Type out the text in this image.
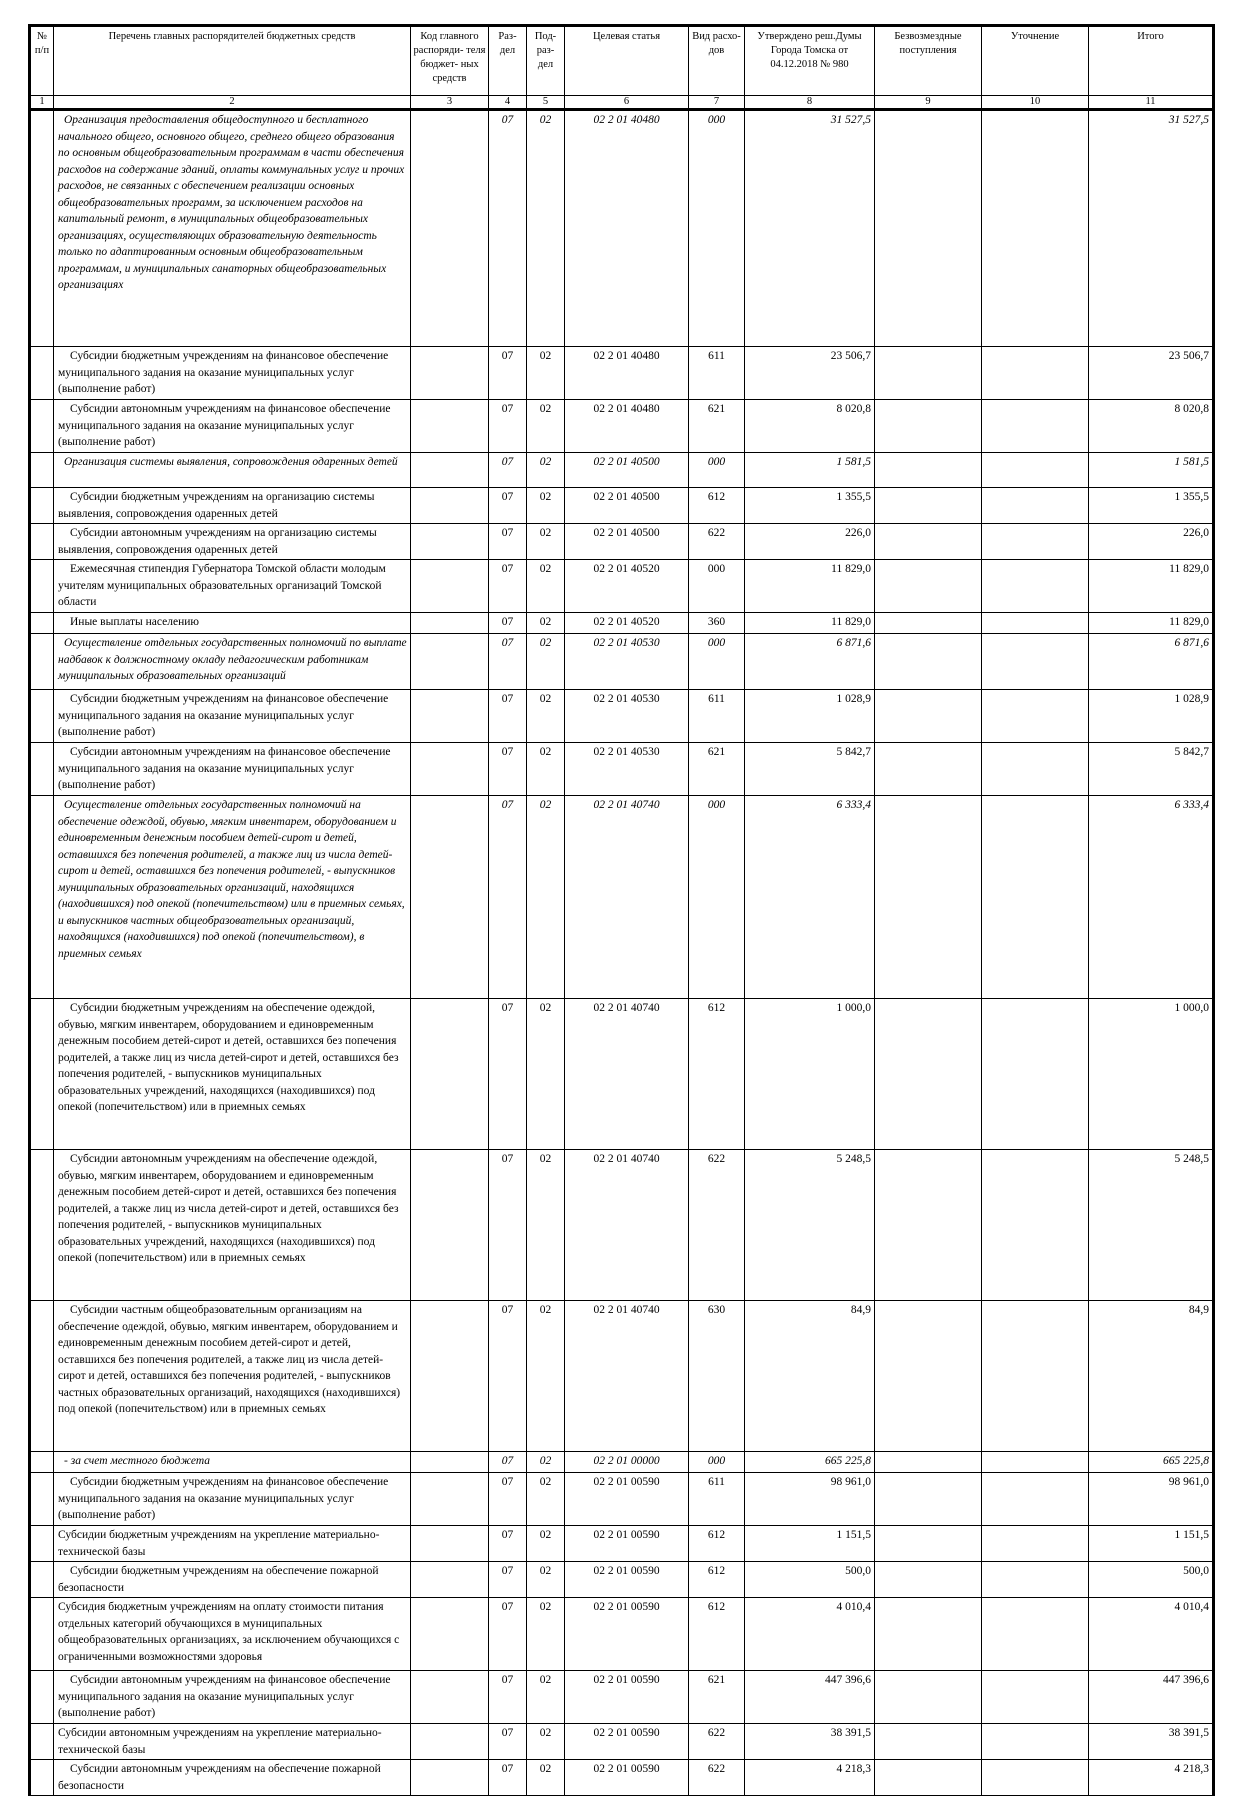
№ п/п	Перечень главных распорядителей бюджетных средств	Код главного распоряди- теля бюджет- ных средств	Раз- дел	Под- раз- дел	Целевая статья	Вид расхо- дов	Утверждено реш.Думы Города Томска от 04.12.2018 № 980	Безвозмездные поступления	Уточнение	Итого
1	2	3	4	5	6	7	8	9	10	11
	Организация предоставления общедоступного и бесплатного начального общего, основного общего, среднего общего образования по основным общеобразовательным программам в части обеспечения расходов на содержание зданий, оплаты коммунальных услуг и прочих расходов, не связанных с обеспечением реализации основных общеобразовательных программ, за исключением расходов на капитальный ремонт, в муниципальных общеобразовательных организациях, осуществляющих образовательную деятельность только по адаптированным основным общеобразовательным программам, и муниципальных санаторных общеобразовательных организациях		07	02	02 2 01 40480	000	31 527,5			31 527,5
	Субсидии бюджетным учреждениям на финансовое обеспечение муниципального задания на оказание муниципальных услуг (выполнение работ)		07	02	02 2 01 40480	611	23 506,7			23 506,7
	Субсидии автономным учреждениям на финансовое обеспечение муниципального задания на оказание муниципальных услуг (выполнение работ)		07	02	02 2 01 40480	621	8 020,8			8 020,8
	Организация системы выявления, сопровождения одаренных детей		07	02	02 2 01 40500	000	1 581,5			1 581,5
	Субсидии бюджетным учреждениям на организацию системы выявления, сопровождения одаренных детей		07	02	02 2 01 40500	612	1 355,5			1 355,5
	Субсидии автономным учреждениям на организацию системы выявления, сопровождения одаренных детей		07	02	02 2 01 40500	622	226,0			226,0
	Ежемесячная стипендия Губернатора Томской области молодым учителям муниципальных образовательных организаций Томской области		07	02	02 2 01 40520	000	11 829,0			11 829,0
	Иные выплаты населению		07	02	02 2 01 40520	360	11 829,0			11 829,0
	Осуществление отдельных государственных полномочий по выплате надбавок к должностному окладу педагогическим работникам муниципальных образовательных организаций		07	02	02 2 01 40530	000	6 871,6			6 871,6
	Субсидии бюджетным учреждениям на финансовое обеспечение муниципального задания на оказание муниципальных услуг (выполнение работ)		07	02	02 2 01 40530	611	1 028,9			1 028,9
	Субсидии автономным учреждениям на финансовое обеспечение муниципального задания на оказание муниципальных услуг (выполнение работ)		07	02	02 2 01 40530	621	5 842,7			5 842,7
	Осуществление отдельных государственных полномочий на обеспечение одеждой, обувью, мягким инвентарем, оборудованием и единовременным денежным пособием детей-сирот и детей, оставшихся без попечения родителей, а также лиц из числа детей-сирот и детей, оставшихся без попечения родителей, - выпускников муниципальных образовательных организаций, находящихся (находившихся) под опекой (попечительством) или в приемных семьях, и выпускников частных общеобразовательных организаций, находящихся (находившихся) под опекой (попечительством), в приемных семьях		07	02	02 2 01 40740	000	6 333,4			6 333,4
	Субсидии бюджетным учреждениям на обеспечение одеждой, обувью, мягким инвентарем, оборудованием и единовременным денежным пособием детей-сирот и детей, оставшихся без попечения родителей, а также лиц из числа детей-сирот и детей, оставшихся без попечения родителей, - выпускников муниципальных образовательных учреждений, находящихся (находившихся) под опекой (попечительством) или в приемных семьях		07	02	02 2 01 40740	612	1 000,0			1 000,0
	Субсидии автономным учреждениям на обеспечение одеждой, обувью, мягким инвентарем, оборудованием и единовременным денежным пособием детей-сирот и детей, оставшихся без попечения родителей, а также лиц из числа детей-сирот и детей, оставшихся без попечения родителей, - выпускников муниципальных образовательных учреждений, находящихся (находившихся) под опекой (попечительством) или в приемных семьях		07	02	02 2 01 40740	622	5 248,5			5 248,5
	Субсидии частным общеобразовательным организациям на обеспечение одеждой, обувью, мягким инвентарем, оборудованием и единовременным денежным пособием детей-сирот и детей, оставшихся без попечения родителей, а также лиц из числа детей-сирот и детей, оставшихся без попечения родителей, - выпускников частных образовательных организаций, находящихся (находившихся) под опекой (попечительством) или в приемных семьях		07	02	02 2 01 40740	630	84,9			84,9
	- за счет местного бюджета		07	02	02 2 01 00000	000	665 225,8			665 225,8
	Субсидии бюджетным учреждениям на финансовое обеспечение муниципального задания на оказание муниципальных услуг (выполнение работ)		07	02	02 2 01 00590	611	98 961,0			98 961,0
	Субсидии бюджетным учреждениям на укрепление материально-технической базы		07	02	02 2 01 00590	612	1 151,5			1 151,5
	Субсидии бюджетным учреждениям на обеспечение пожарной безопасности		07	02	02 2 01 00590	612	500,0			500,0
	Субсидия бюджетным учреждениям на оплату стоимости питания отдельных категорий обучающихся в муниципальных общеобразовательных организациях, за исключением обучающихся с ограниченными возможностями здоровья		07	02	02 2 01 00590	612	4 010,4			4 010,4
	Субсидии автономным учреждениям на финансовое обеспечение муниципального задания на оказание муниципальных услуг (выполнение работ)		07	02	02 2 01 00590	621	447 396,6			447 396,6
	Субсидии автономным учреждениям на укрепление материально-технической базы		07	02	02 2 01 00590	622	38 391,5			38 391,5
	Субсидии автономным учреждениям на обеспечение пожарной безопасности		07	02	02 2 01 00590	622	4 218,3			4 218,3
